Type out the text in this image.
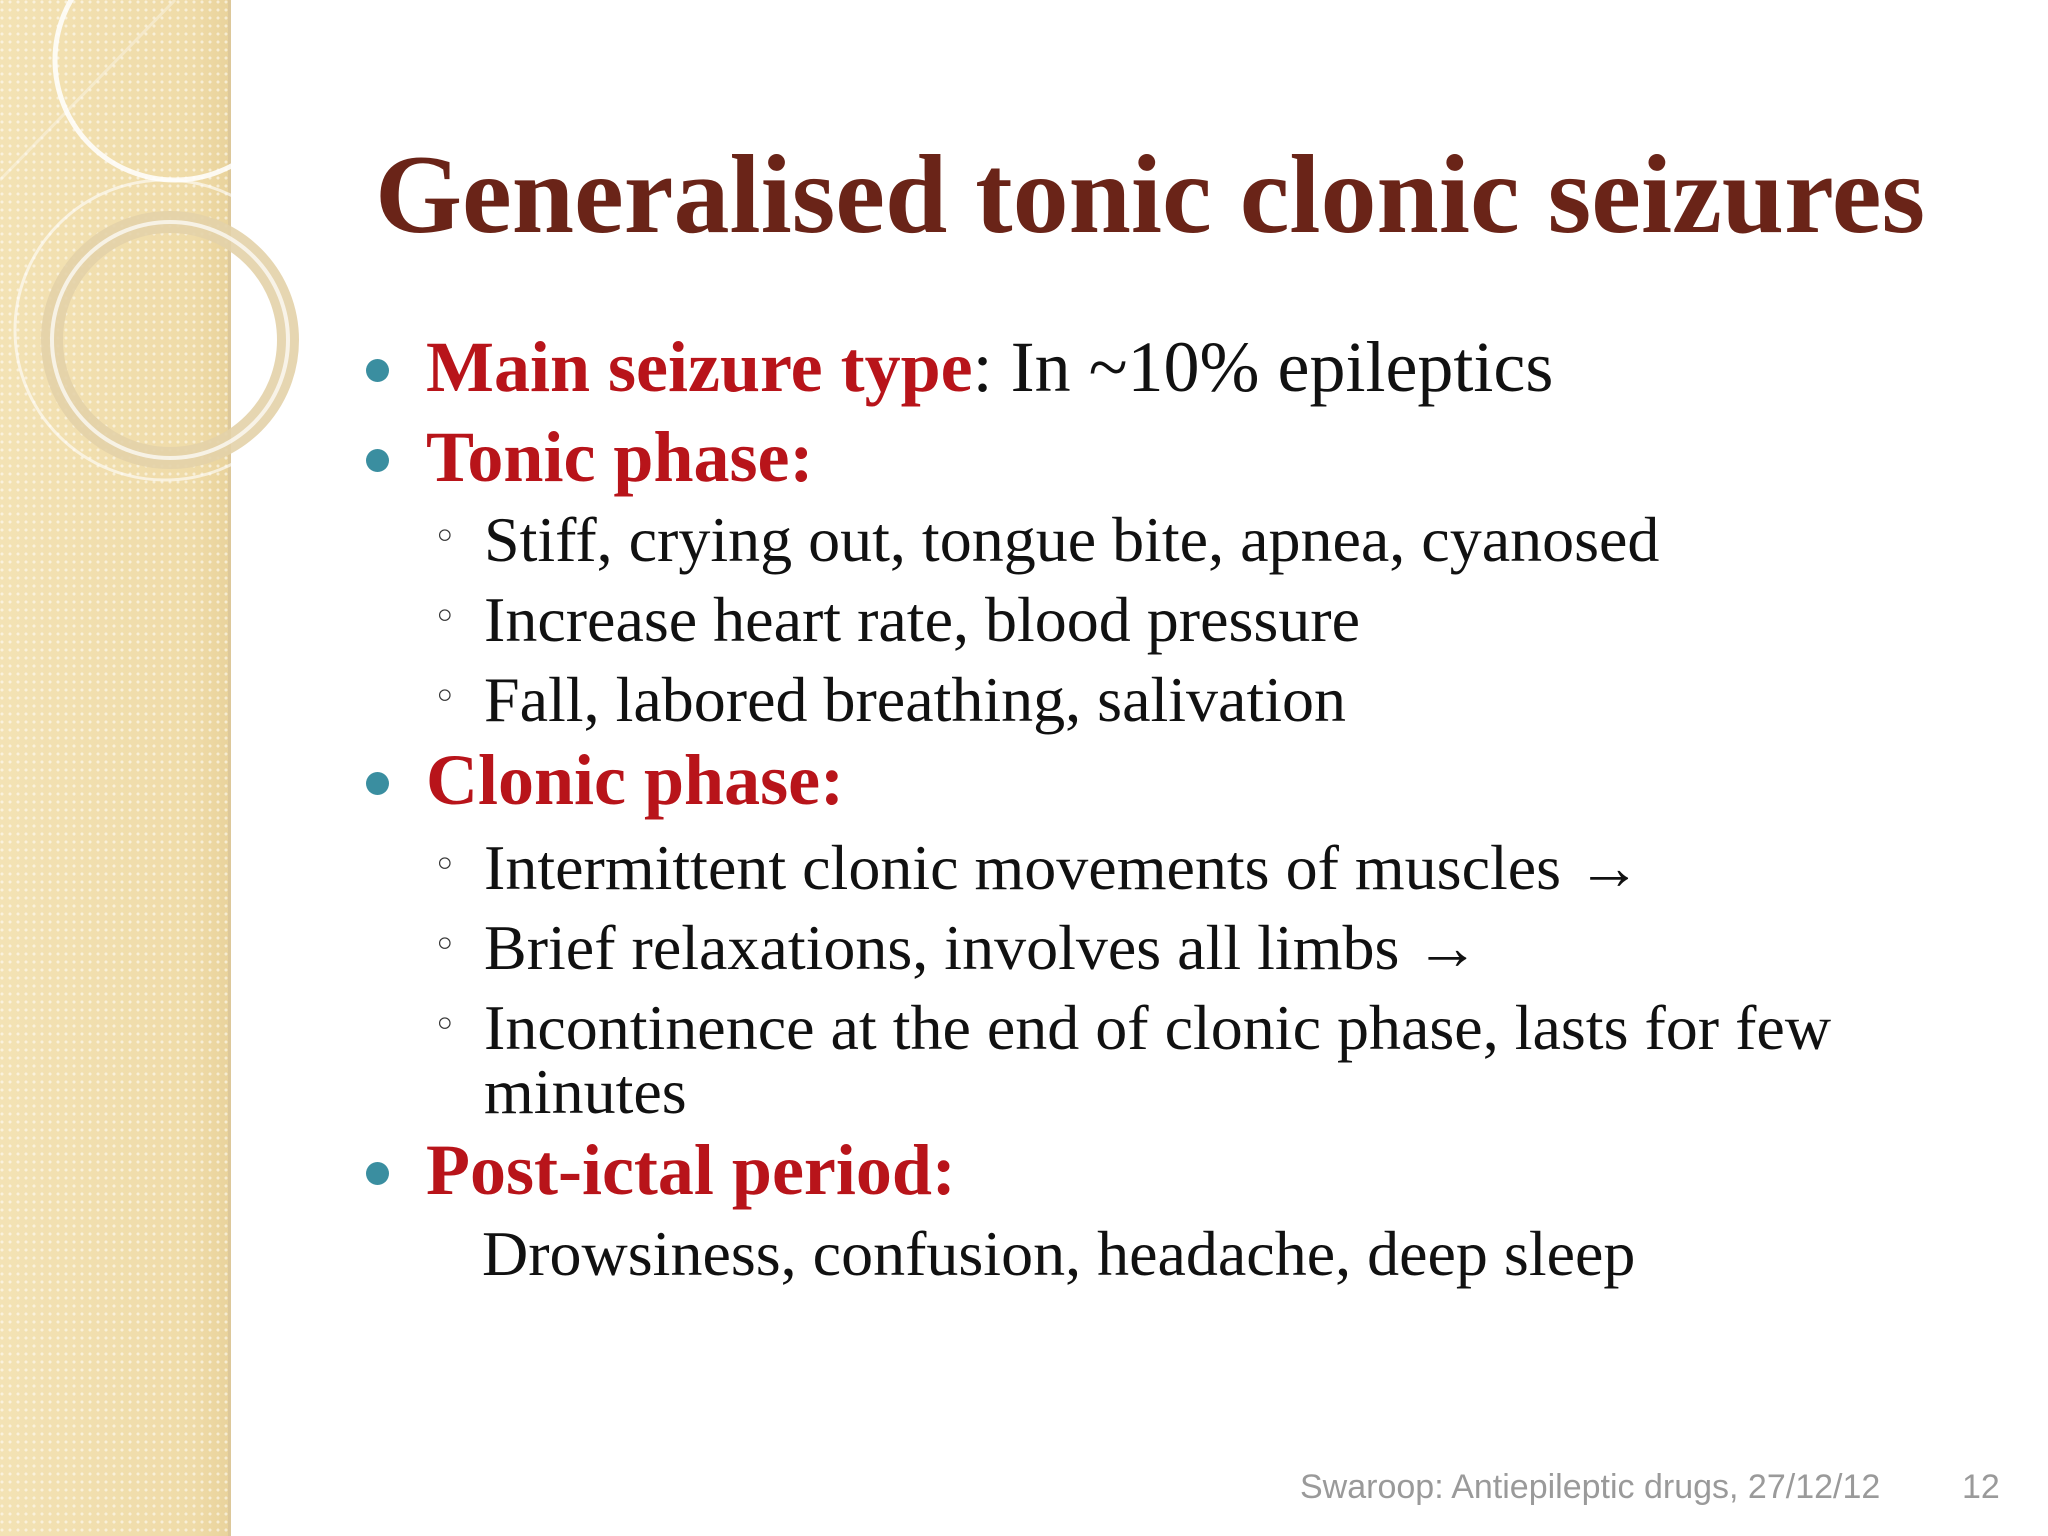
Generalised tonic clonic seizures
Main seizure type: In ~10% epileptics
Tonic phase:
◦ Stiff, crying out, tongue bite, apnea, cyanosed
◦ Increase heart rate, blood pressure
◦ Fall, labored breathing, salivation
Clonic phase:
◦ Intermittent clonic movements of muscles →
◦ Brief relaxations, involves all limbs →
◦ Incontinence at the end of clonic phase, lasts for few
minutes
Post-ictal period:
Drowsiness, confusion, headache, deep sleep
Swaroop: Antiepileptic drugs, 27/12/12 12
